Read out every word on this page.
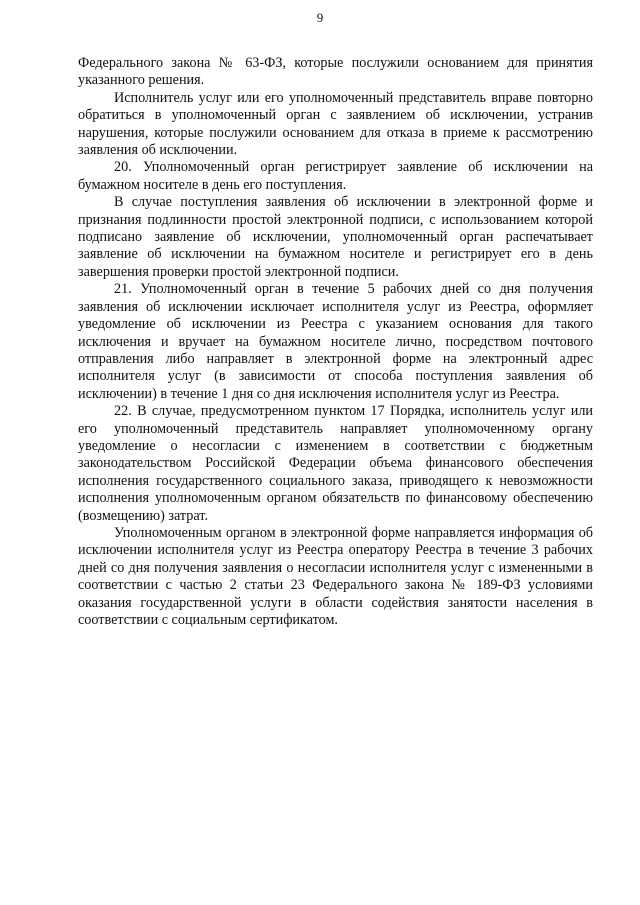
9

Федерального закона № 63-ФЗ, которые послужили основанием для принятия указанного решения.

Исполнитель услуг или его уполномоченный представитель вправе повторно обратиться в уполномоченный орган с заявлением об исключении, устранив нарушения, которые послужили основанием для отказа в приеме к рассмотрению заявления об исключении.

20. Уполномоченный орган регистрирует заявление об исключении на бумажном носителе в день его поступления.

В случае поступления заявления об исключении в электронной форме и признания подлинности простой электронной подписи, с использованием которой подписано заявление об исключении, уполномоченный орган распечатывает заявление об исключении на бумажном носителе и регистрирует его в день завершения проверки простой электронной подписи.

21. Уполномоченный орган в течение 5 рабочих дней со дня получения заявления об исключении исключает исполнителя услуг из Реестра, оформляет уведомление об исключении из Реестра с указанием основания для такого исключения и вручает на бумажном носителе лично, посредством почтового отправления либо направляет в электронной форме на электронный адрес исполнителя услуг (в зависимости от способа поступления заявления об исключении) в течение 1 дня со дня исключения исполнителя услуг из Реестра.

22. В случае, предусмотренном пунктом 17 Порядка, исполнитель услуг или его уполномоченный представитель направляет уполномоченному органу уведомление о несогласии с изменением в соответствии с бюджетным законодательством Российской Федерации объема финансового обеспечения исполнения государственного социального заказа, приводящего к невозможности исполнения уполномоченным органом обязательств по финансовому обеспечению (возмещению) затрат.

Уполномоченным органом в электронной форме направляется информация об исключении исполнителя услуг из Реестра оператору Реестра в течение 3 рабочих дней со дня получения заявления о несогласии исполнителя услуг с измененными в соответствии с частью 2 статьи 23 Федерального закона № 189-ФЗ условиями оказания государственной услуги в области содействия занятости населения в соответствии с социальным сертификатом.
